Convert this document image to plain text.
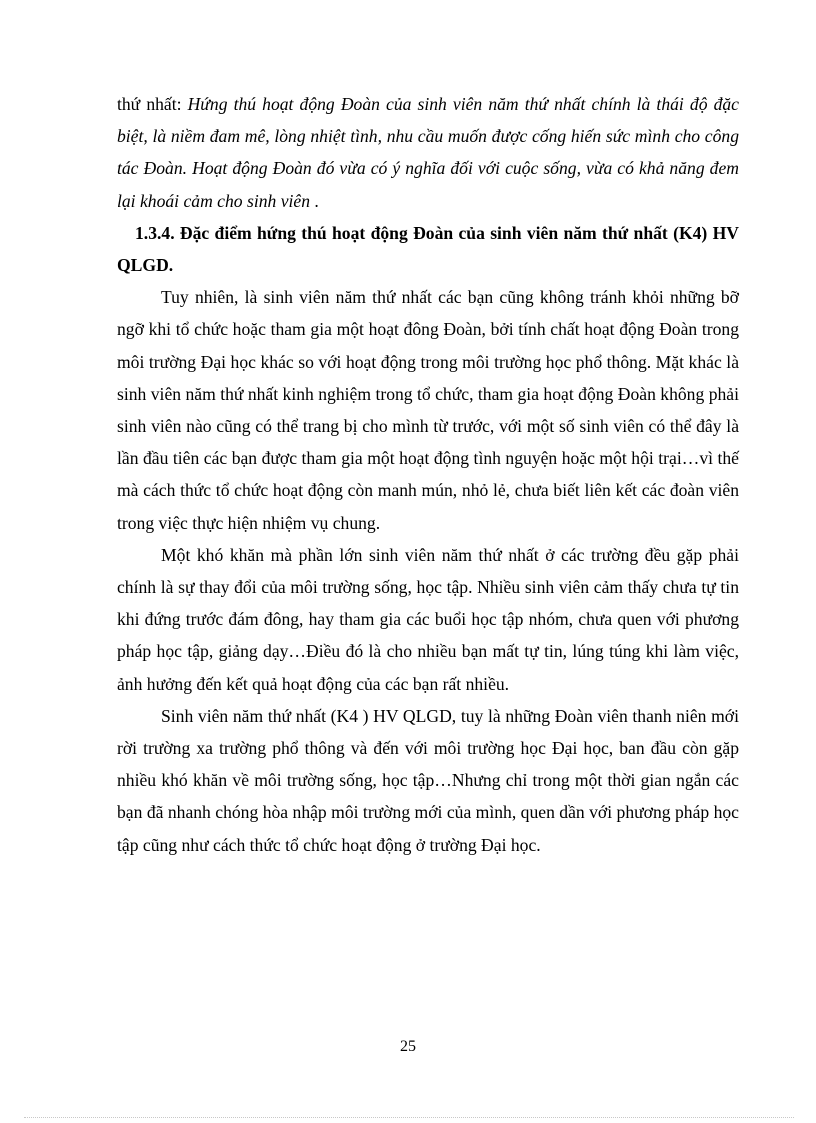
thứ nhất: Hứng thú hoạt động Đoàn của sinh viên năm thứ nhất chính là thái độ đặc biệt, là niềm đam mê, lòng nhiệt tình, nhu cầu muốn được cống hiến sức mình cho công tác Đoàn. Hoạt động Đoàn đó vừa có ý nghĩa đối với cuộc sống, vừa có khả năng đem lại khoái cảm cho sinh viên .

1.3.4. Đặc điểm hứng thú hoạt động Đoàn của sinh viên năm thứ nhất (K4) HV QLGD.

Tuy nhiên, là sinh viên năm thứ nhất các bạn cũng không tránh khỏi những bỡ ngỡ khi tổ chức hoặc tham gia một hoạt đông Đoàn, bởi tính chất hoạt động Đoàn trong môi trường Đại học khác so với hoạt động trong môi trường học phổ thông. Mặt khác là sinh viên năm thứ nhất kinh nghiệm trong tổ chức, tham gia hoạt động Đoàn không phải sinh viên nào cũng có thể trang bị cho mình từ trước, với một số sinh viên có thể đây là lần đầu tiên các bạn được tham gia một hoạt động tình nguyện hoặc một hội trại…vì thế mà cách thức tổ chức hoạt động còn manh mún, nhỏ lẻ, chưa biết liên kết các đoàn viên trong việc thực hiện nhiệm vụ chung.

Một khó khăn mà phần lớn sinh viên năm thứ nhất ở các trường đều gặp phải chính là sự thay đổi của môi trường sống, học tập. Nhiều sinh viên cảm thấy chưa tự tin khi đứng trước đám đông, hay tham gia các buổi học tập nhóm, chưa quen với phương pháp học tập, giảng dạy…Điều đó là cho nhiều bạn mất tự tin, lúng túng khi làm việc, ảnh hưởng đến kết quả hoạt động của các bạn rất nhiều.

Sinh viên năm thứ nhất (K4 ) HV QLGD, tuy là những Đoàn viên thanh niên mới rời trường xa trường phổ thông và đến với môi trường học Đại học, ban đầu còn gặp nhiều khó khăn về môi trường sống, học tập…Nhưng chỉ trong một thời gian ngắn các bạn đã nhanh chóng hòa nhập môi trường mới của mình, quen dần với phương pháp học tập cũng như cách thức tổ chức hoạt động ở trường Đại học.

25
